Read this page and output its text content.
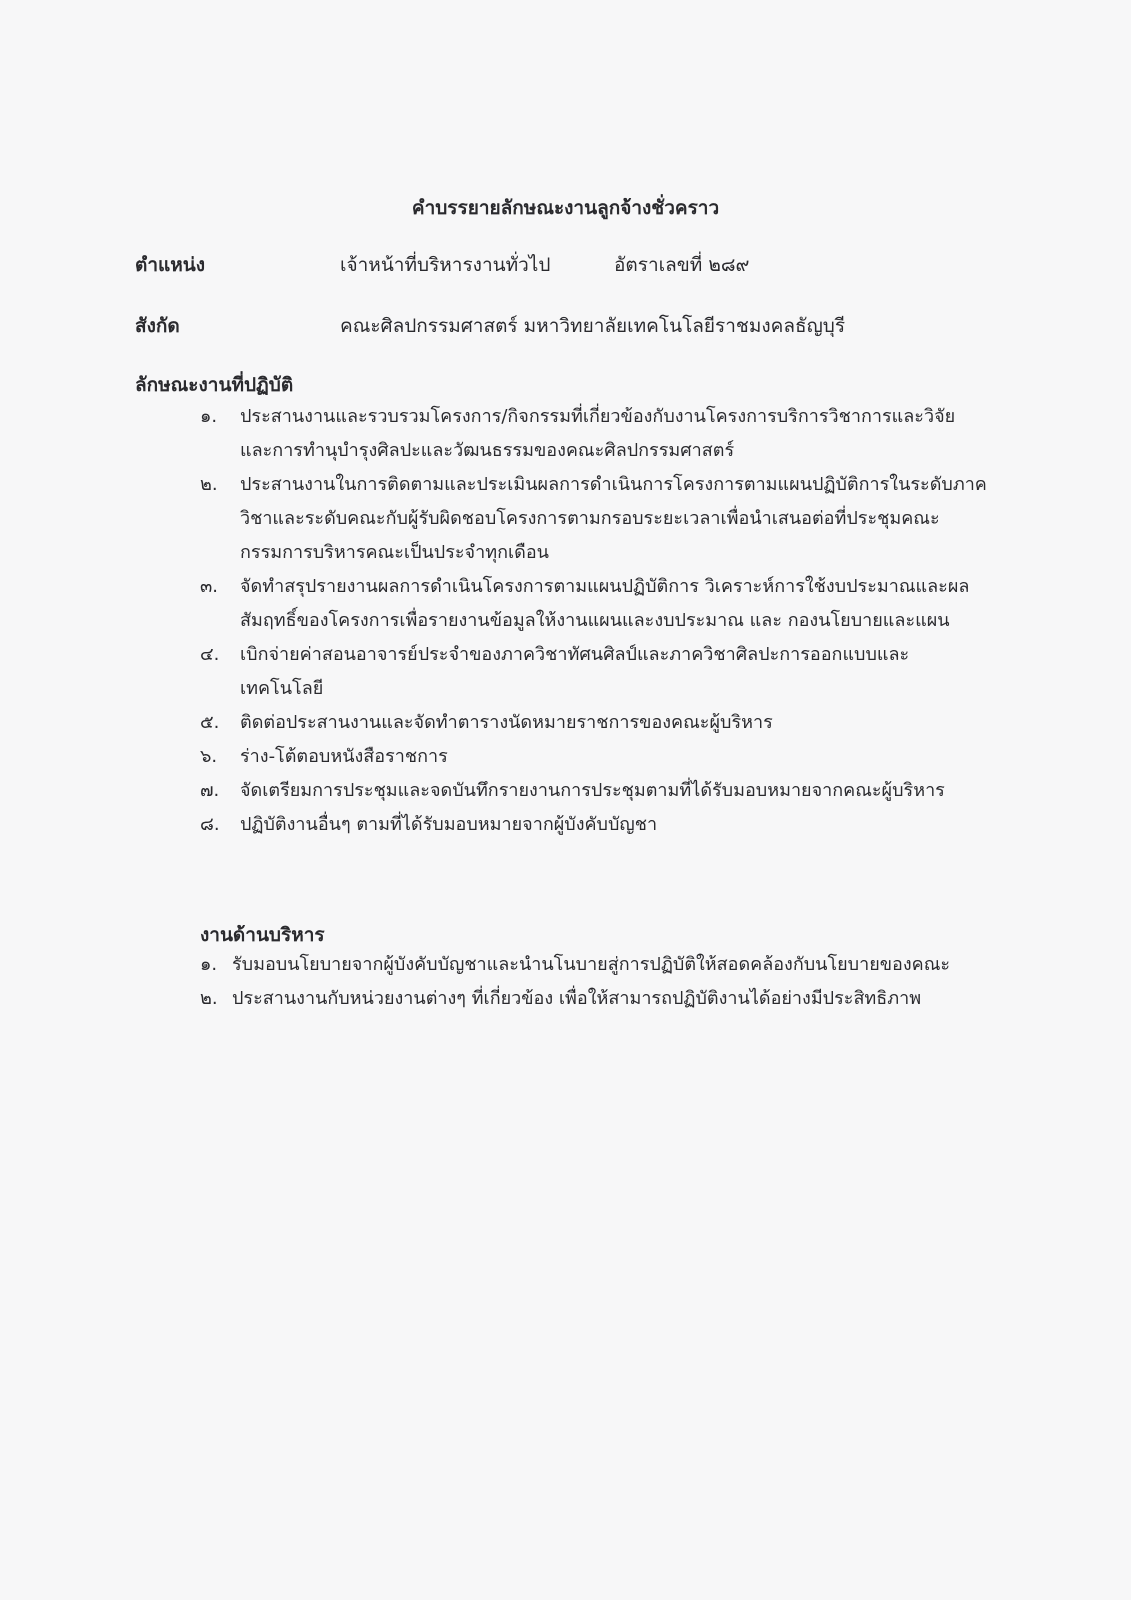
คำบรรยายลักษณะงานลูกจ้างชั่วคราว
ตำแหน่ง	เจ้าหน้าที่บริหารงานทั่วไป	อัตราเลขที่ ๒๘๙
สังกัด	คณะศิลปกรรมศาสตร์ มหาวิทยาลัยเทคโนโลยีราชมงคลธัญบุรี
ลักษณะงานที่ปฏิบัติ
๑. ประสานงานและรวบรวมโครงการ/กิจกรรมที่เกี่ยวข้องกับงานโครงการบริการวิชาการและวิจัย และการทำนุบำรุงศิลปะและวัฒนธรรมของคณะศิลปกรรมศาสตร์
๒. ประสานงานในการติดตามและประเมินผลการดำเนินการโครงการตามแผนปฏิบัติการในระดับภาควิชาและระดับคณะกับผู้รับผิดชอบโครงการตามกรอบระยะเวลาเพื่อนำเสนอต่อที่ประชุมคณะกรรมการบริหารคณะเป็นประจำทุกเดือน
๓. จัดทำสรุปรายงานผลการดำเนินโครงการตามแผนปฏิบัติการ วิเคราะห์การใช้งบประมาณและผลสัมฤทธิ์ของโครงการเพื่อรายงานข้อมูลให้งานแผนและงบประมาณ และ กองนโยบายและแผน
๔. เบิกจ่ายค่าสอนอาจารย์ประจำของภาควิชาทัศนศิลป์และภาควิชาศิลปะการออกแบบและเทคโนโลยี
๕. ติดต่อประสานงานและจัดทำตารางนัดหมายราชการของคณะผู้บริหาร
๖. ร่าง-โต้ตอบหนังสือราชการ
๗. จัดเตรียมการประชุมและจดบันทึกรายงานการประชุมตามที่ได้รับมอบหมายจากคณะผู้บริหาร
๘. ปฏิบัติงานอื่นๆ ตามที่ได้รับมอบหมายจากผู้บังคับบัญชา
งานด้านบริหาร
๑. รับมอบนโยบายจากผู้บังคับบัญชาและนำนโนบายสู่การปฏิบัติให้สอดคล้องกับนโยบายของคณะ
๒. ประสานงานกับหน่วยงานต่างๆ ที่เกี่ยวข้อง เพื่อให้สามารถปฏิบัติงานได้อย่างมีประสิทธิภาพ
